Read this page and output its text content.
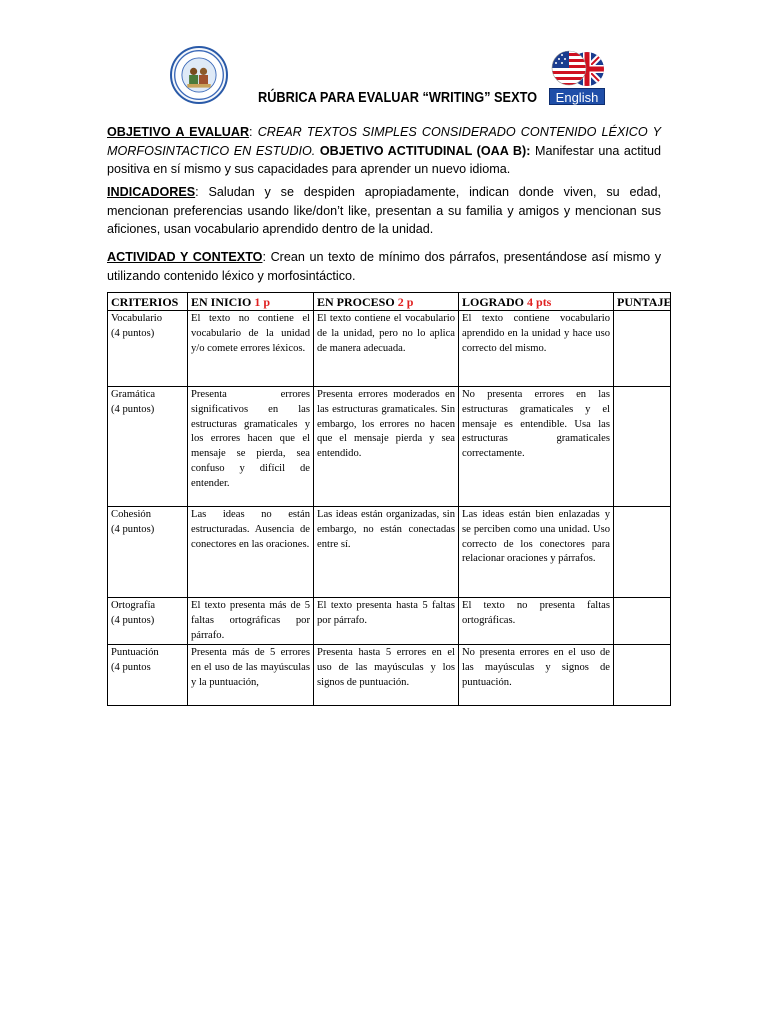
English
RÚBRICA PARA EVALUAR “WRITING” SEXTO
OBJETIVO A EVALUAR: CREAR TEXTOS SIMPLES CONSIDERADO CONTENIDO LÉXICO Y MORFOSINTACTICO EN ESTUDIO. OBJETIVO ACTITUDINAL (OAA B): Manifestar una actitud positiva en sí mismo y sus capacidades para aprender un nuevo idioma.
INDICADORES: Saludan y se despiden apropiadamente, indican donde viven, su edad, mencionan preferencias usando like/don’t like, presentan a su familia y amigos y mencionan sus aficiones, usan vocabulario aprendido dentro de la unidad.
ACTIVIDAD Y CONTEXTO: Crean un texto de mínimo dos párrafos, presentándose así mismo y utilizando contenido léxico y morfosintáctico.
CRITERIOS	EN INICIO 1 p	EN PROCESO 2 p	LOGRADO 4 pts	PUNTAJE

Vocabulario
(4 puntos)	El texto no contiene el vocabulario de la unidad y/o comete errores léxicos.	El texto contiene el vocabulario de la unidad, pero no lo aplica de manera adecuada.	El texto contiene vocabulario aprendido en la unidad y hace uso correcto del mismo.	

Gramática
(4 puntos)	Presenta errores significativos en las estructuras gramaticales y los errores hacen que el mensaje se pierda, sea confuso y difícil de entender.	Presenta errores moderados en las estructuras gramaticales. Sin embargo, los errores no hacen que el mensaje pierda y sea entendido.	No presenta errores en las estructuras gramaticales y el mensaje es entendible. Usa las estructuras gramaticales correctamente.	

Cohesión
(4 puntos)	Las ideas no están estructuradas. Ausencia de conectores en las oraciones.	Las ideas están organizadas, sin embargo, no están conectadas entre sí.	Las ideas están bien enlazadas y se perciben como una unidad. Uso correcto de los conectores para relacionar oraciones y párrafos.	

Ortografía
(4 puntos)	El texto presenta más de 5 faltas ortográficas por párrafo.	El texto presenta hasta 5 faltas por párrafo.	El texto no presenta faltas ortográficas.	

Puntuación
(4 puntos	Presenta más de 5 errores en el uso de las mayúsculas y la puntuación,	Presenta hasta 5 errores en el uso de las mayúsculas y los signos de puntuación.	No presenta errores en el uso de las mayúsculas y signos de puntuación.	
